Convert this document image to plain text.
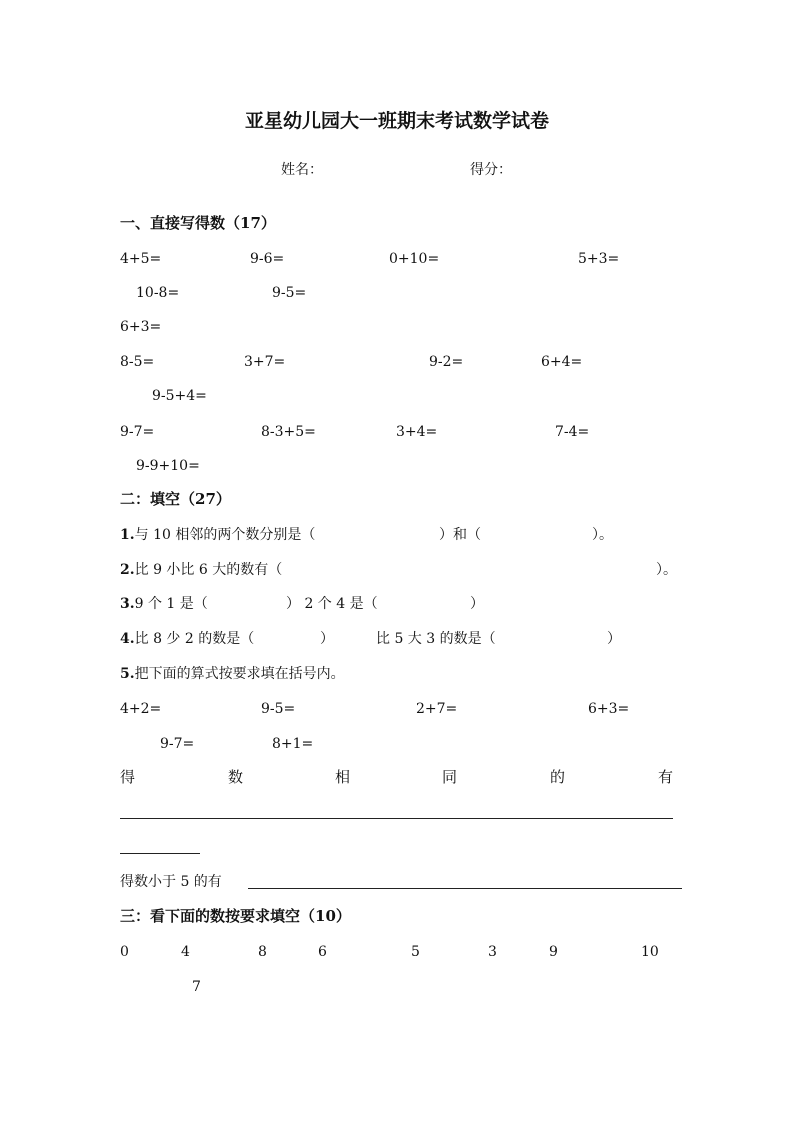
亚星幼儿园大一班期末考试数学试卷
姓名：	得分：
一、直接写得数（17）
4+5=	9-6=	0+10=	5+3=
10-8=	9-5=
6+3=
8-5=	3+7=	9-2=	6+4=
9-5+4=
9-7=	8-3+5=	3+4=	7-4=
9-9+10=
二：填空（27）
1.与 10 相邻的两个数分别是（	）和（	）。
2.比 9 小比 6 大的数有（	）。
3.9 个 1 是（	） 2 个 4 是（	）
4.比 8 少 2 的数是（	）	比 5 大 3 的数是（	）
5.把下面的算式按要求填在括号内。
4+2=	9-5=	2+7=	6+3=
9-7=	8+1=
得	数	相	同	的	有
得数小于 5 的有
三：看下面的数按要求填空（10）
0	4	8	6	5	3	9	10
7
